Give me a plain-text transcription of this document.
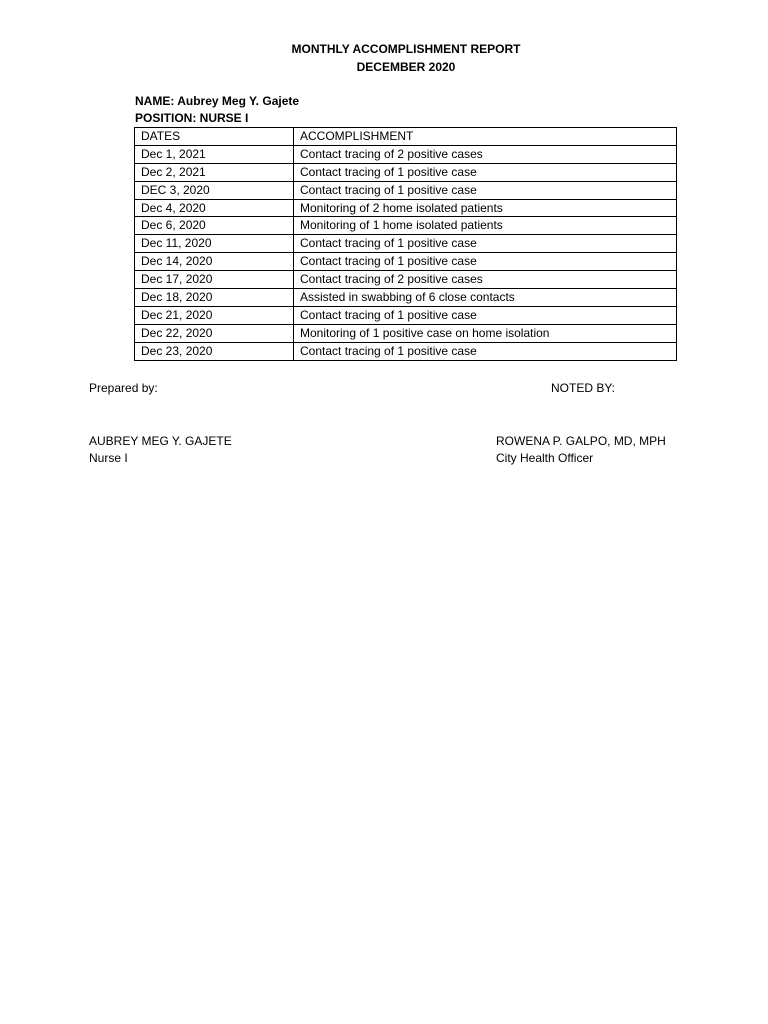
MONTHLY ACCOMPLISHMENT REPORT
DECEMBER 2020
NAME: Aubrey Meg Y. Gajete
POSITION: NURSE I
DATES	ACCOMPLISHMENT
Dec 1, 2021	Contact tracing of 2 positive cases
Dec 2, 2021	Contact tracing of 1 positive case
DEC 3, 2020	Contact tracing of 1 positive case
Dec 4, 2020	Monitoring of 2 home isolated patients
Dec 6, 2020	Monitoring of 1 home isolated patients
Dec 11, 2020	Contact tracing of 1 positive case
Dec 14, 2020	Contact tracing of 1 positive case
Dec 17, 2020	Contact tracing of 2 positive cases
Dec 18, 2020	Assisted in swabbing of 6 close contacts
Dec 21, 2020	Contact tracing of 1 positive case
Dec 22, 2020	Monitoring of 1 positive case on home isolation
Dec 23, 2020	Contact tracing of 1 positive case
Prepared by:	NOTED BY:
AUBREY MEG Y. GAJETE
Nurse I
ROWENA P. GALPO, MD, MPH
City Health Officer
